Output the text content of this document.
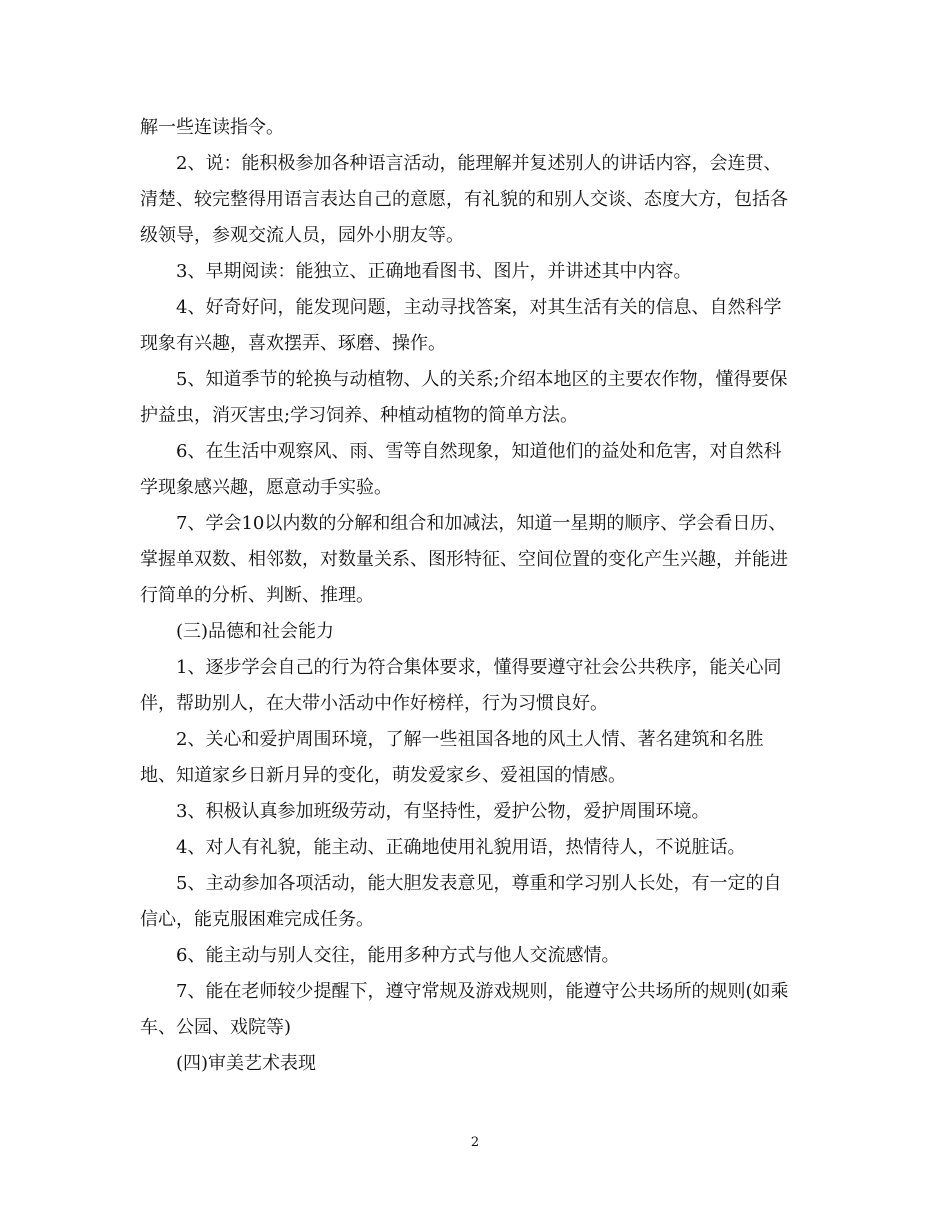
解一些连读指令。
2、说：能积极参加各种语言活动，能理解并复述别人的讲话内容，会连贯、
清楚、较完整得用语言表达自己的意愿，有礼貌的和别人交谈、态度大方，包括各
级领导，参观交流人员，园外小朋友等。
3、早期阅读：能独立、正确地看图书、图片，并讲述其中内容。
4、好奇好问，能发现问题，主动寻找答案，对其生活有关的信息、自然科学
现象有兴趣，喜欢摆弄、琢磨、操作。
5、知道季节的轮换与动植物、人的关系;介绍本地区的主要农作物，懂得要保
护益虫，消灭害虫;学习饲养、种植动植物的简单方法。
6、在生活中观察风、雨、雪等自然现象，知道他们的益处和危害，对自然科
学现象感兴趣，愿意动手实验。
7、学会10以内数的分解和组合和加减法，知道一星期的顺序、学会看日历、
掌握单双数、相邻数，对数量关系、图形特征、空间位置的变化产生兴趣，并能进
行简单的分析、判断、推理。
(三)品德和社会能力
1、逐步学会自己的行为符合集体要求，懂得要遵守社会公共秩序，能关心同
伴，帮助别人，在大带小活动中作好榜样，行为习惯良好。
2、关心和爱护周围环境，了解一些祖国各地的风土人情、著名建筑和名胜
地、知道家乡日新月异的变化，萌发爱家乡、爱祖国的情感。
3、积极认真参加班级劳动，有坚持性，爱护公物，爱护周围环境。
4、对人有礼貌，能主动、正确地使用礼貌用语，热情待人，不说脏话。
5、主动参加各项活动，能大胆发表意见，尊重和学习别人长处，有一定的自
信心，能克服困难完成任务。
6、能主动与别人交往，能用多种方式与他人交流感情。
7、能在老师较少提醒下，遵守常规及游戏规则，能遵守公共场所的规则(如乘
车、公园、戏院等)
(四)审美艺术表现
2
